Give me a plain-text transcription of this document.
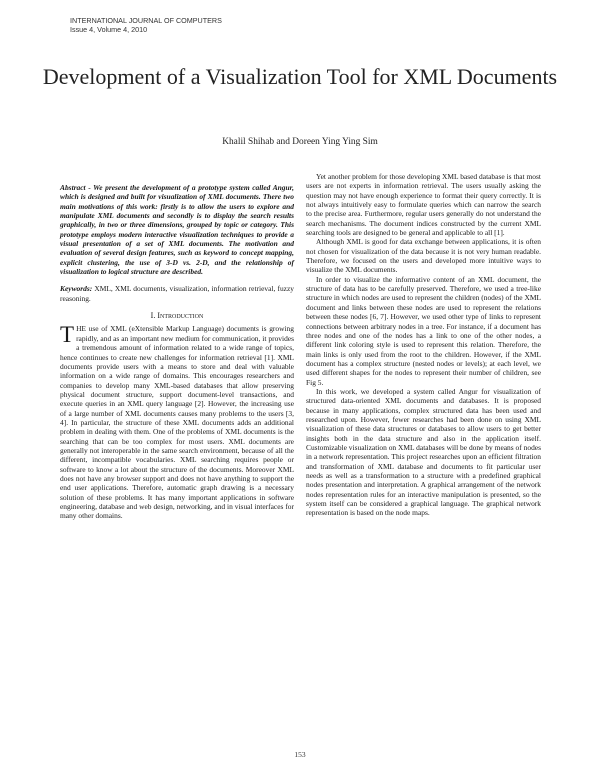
INTERNATIONAL JOURNAL OF COMPUTERS
Issue 4, Volume 4, 2010
Development of a Visualization Tool for XML Documents
Khalil Shihab and Doreen Ying Ying Sim

Abstract - We present the development of a prototype system called Angur, which is designed and built for visualization of XML documents. There two main motivations of this work: firstly is to allow the users to explore and manipulate XML documents and secondly is to display the search results graphically, in two or three dimensions, grouped by topic or category. This prototype employs modern interactive visualization techniques to provide a visual presentation of a set of XML documents. The motivation and evaluation of several design features, such as keyword to concept mapping, explicit clustering, the use of 3-D vs. 2-D, and the relationship of visualization to logical structure are described.

Keywords: XML, XML documents, visualization, information retrieval, fuzzy reasoning.

I. Introduction

THE use of XML (eXtensible Markup Language) documents is growing rapidly, and as an important new medium for communication, it provides a tremendous amount of information related to a wide range of topics, hence continues to create new challenges for information retrieval [1]. XML documents provide users with a means to store and deal with valuable information on a wide range of domains. This encourages researchers and companies to develop many XML-based databases that allow preserving physical document structure, support document-level transactions, and execute queries in an XML query language [2]. However, the increasing use of a large number of XML documents causes many problems to the users [3, 4]. In particular, the structure of these XML documents adds an additional problem in dealing with them. One of the problems of XML documents is the searching that can be too complex for most users. XML documents are generally not interoperable in the same search environment, because of all the different, incompatible vocabularies. XML searching requires people or software to know a lot about the structure of the documents. Moreover XML does not have any browser support and does not have anything to support the end user applications. Therefore, automatic graph drawing is a necessary solution of these problems. It has many important applications in software engineering, database and web design, networking, and in visual interfaces for many other domains.

Yet another problem for those developing XML based database is that most users are not experts in information retrieval. The users usually asking the question may not have enough experience to format their query correctly. It is not always intuitively easy to formulate queries which can narrow the search to the precise area. Furthermore, regular users generally do not understand the search mechanisms. The document indices constructed by the current XML searching tools are designed to be general and applicable to all [1].

Although XML is good for data exchange between applications, it is often not chosen for visualization of the data because it is not very human readable. Therefore, we focused on the users and developed more intuitive ways to visualize the XML documents.

In order to visualize the informative content of an XML document, the structure of data has to be carefully preserved. Therefore, we used a tree-like structure in which nodes are used to represent the children (nodes) of the XML document and links between these nodes are used to represent the relations between these nodes [6, 7]. However, we used other type of links to represent connections between arbitrary nodes in a tree. For instance, if a document has three nodes and one of the nodes has a link to one of the other nodes, a different link coloring style is used to represent this relation. Therefore, the main links is only used from the root to the children. However, if the XML document has a complex structure (nested nodes or levels); at each level, we used different shapes for the nodes to represent their number of children, see Fig 5.

In this work, we developed a system called Angur for visualization of structured data-oriented XML documents and databases. It is proposed because in many applications, complex structured data has been used and researched upon. However, fewer researches had been done on using XML visualization of these data structures or databases to allow users to get better insights both in the data structure and also in the application itself. Customizable visualization on XML databases will be done by means of nodes in a network representation. This project researches upon an efficient filtration and transformation of XML database and documents to fit particular user needs as well as a transformation to a structure with a predefined graphical nodes presentation and interpretation. A graphical arrangement of the network nodes representation rules for an interactive manipulation is presented, so the system itself can be considered a graphical language. The graphical network representation is based on the node maps.

153
